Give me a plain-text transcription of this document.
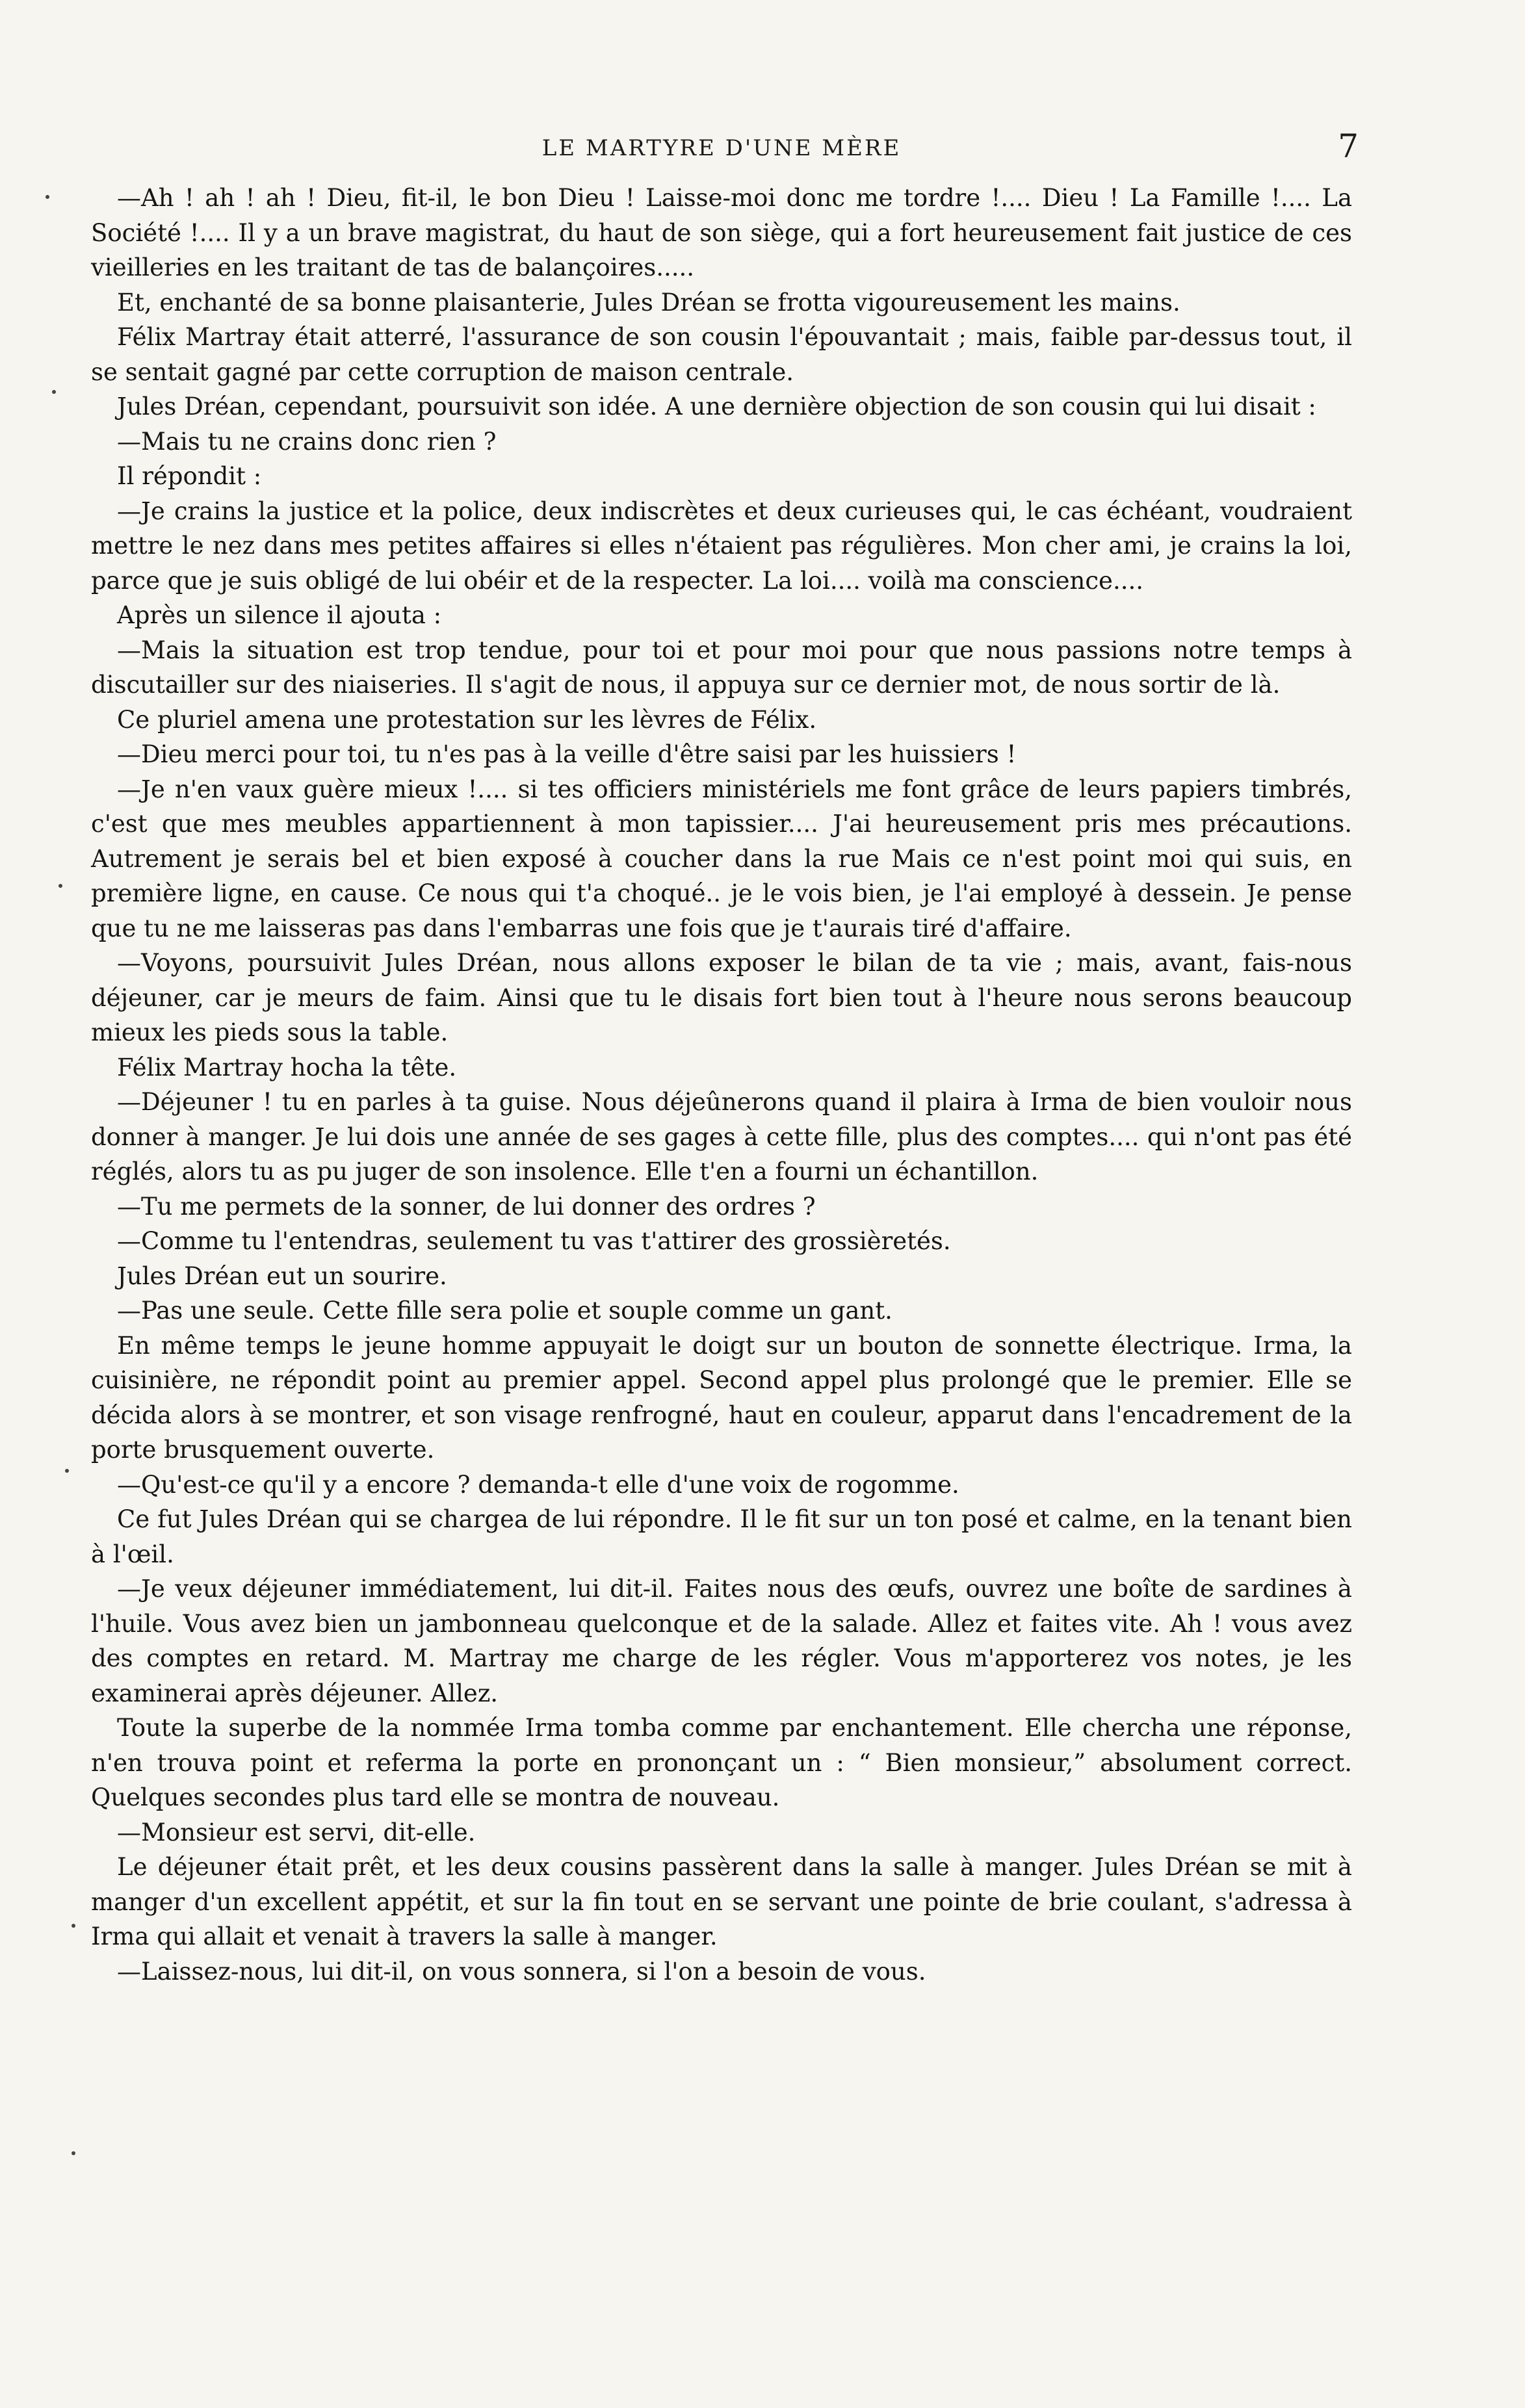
LE MARTYRE D'UNE MÈRE	7

—Ah ! ah ! ah ! Dieu, fit-il, le bon Dieu ! Laisse-moi donc me tordre !.... Dieu ! La Famille !.... La Société !.... Il y a un brave magistrat, du haut de son siège, qui a fort heureusement fait justice de ces vieilleries en les traitant de tas de balançoires.....

Et, enchanté de sa bonne plaisanterie, Jules Dréan se frotta vigoureusement les mains.

Félix Martray était atterré, l'assurance de son cousin l'épouvantait ; mais, faible par-dessus tout, il se sentait gagné par cette corruption de maison centrale.

Jules Dréan, cependant, poursuivit son idée. A une dernière objection de son cousin qui lui disait :

—Mais tu ne crains donc rien ?

Il répondit :

—Je crains la justice et la police, deux indiscrètes et deux curieuses qui, le cas échéant, voudraient mettre le nez dans mes petites affaires si elles n'étaient pas régulières. Mon cher ami, je crains la loi, parce que je suis obligé de lui obéir et de la respecter. La loi.... voilà ma conscience....

Après un silence il ajouta :

—Mais la situation est trop tendue, pour toi et pour moi pour que nous passions notre temps à discutailler sur des niaiseries. Il s'agit de nous, il appuya sur ce dernier mot, de nous sortir de là.

Ce pluriel amena une protestation sur les lèvres de Félix.

—Dieu merci pour toi, tu n'es pas à la veille d'être saisi par les huissiers !

—Je n'en vaux guère mieux !.... si tes officiers ministériels me font grâce de leurs papiers timbrés, c'est que mes meubles appartiennent à mon tapissier.... J'ai heureusement pris mes précautions. Autrement je serais bel et bien exposé à coucher dans la rue Mais ce n'est point moi qui suis, en première ligne, en cause. Ce nous qui t'a choqué.. je le vois bien, je l'ai employé à dessein. Je pense que tu ne me laisseras pas dans l'embarras une fois que je t'aurais tiré d'affaire.

—Voyons, poursuivit Jules Dréan, nous allons exposer le bilan de ta vie ; mais, avant, fais-nous déjeuner, car je meurs de faim. Ainsi que tu le disais fort bien tout à l'heure nous serons beaucoup mieux les pieds sous la table.

Félix Martray hocha la tête.

—Déjeuner ! tu en parles à ta guise. Nous déjeûnerons quand il plaira à Irma de bien vouloir nous donner à manger. Je lui dois une année de ses gages à cette fille, plus des comptes.... qui n'ont pas été réglés, alors tu as pu juger de son insolence. Elle t'en a fourni un échantillon.

—Tu me permets de la sonner, de lui donner des ordres ?

—Comme tu l'entendras, seulement tu vas t'attirer des grossièretés.

Jules Dréan eut un sourire.

—Pas une seule. Cette fille sera polie et souple comme un gant.

En même temps le jeune homme appuyait le doigt sur un bouton de sonnette électrique. Irma, la cuisinière, ne répondit point au premier appel. Second appel plus prolongé que le premier. Elle se décida alors à se montrer, et son visage renfrogné, haut en couleur, apparut dans l'encadrement de la porte brusquement ouverte.

—Qu'est-ce qu'il y a encore ? demanda-t elle d'une voix de rogomme.

Ce fut Jules Dréan qui se chargea de lui répondre. Il le fit sur un ton posé et calme, en la tenant bien à l'œil.

—Je veux déjeuner immédiatement, lui dit-il. Faites nous des œufs, ouvrez une boîte de sardines à l'huile. Vous avez bien un jambonneau quelconque et de la salade. Allez et faites vite. Ah ! vous avez des comptes en retard. M. Martray me charge de les régler. Vous m'apporterez vos notes, je les examinerai après déjeuner. Allez.

Toute la superbe de la nommée Irma tomba comme par enchantement. Elle chercha une réponse, n'en trouva point et referma la porte en prononçant un : “ Bien monsieur,” absolument correct. Quelques secondes plus tard elle se montra de nouveau.

—Monsieur est servi, dit-elle.

Le déjeuner était prêt, et les deux cousins passèrent dans la salle à manger. Jules Dréan se mit à manger d'un excellent appétit, et sur la fin tout en se servant une pointe de brie coulant, s'adressa à Irma qui allait et venait à travers la salle à manger.

—Laissez-nous, lui dit-il, on vous sonnera, si l'on a besoin de vous.
